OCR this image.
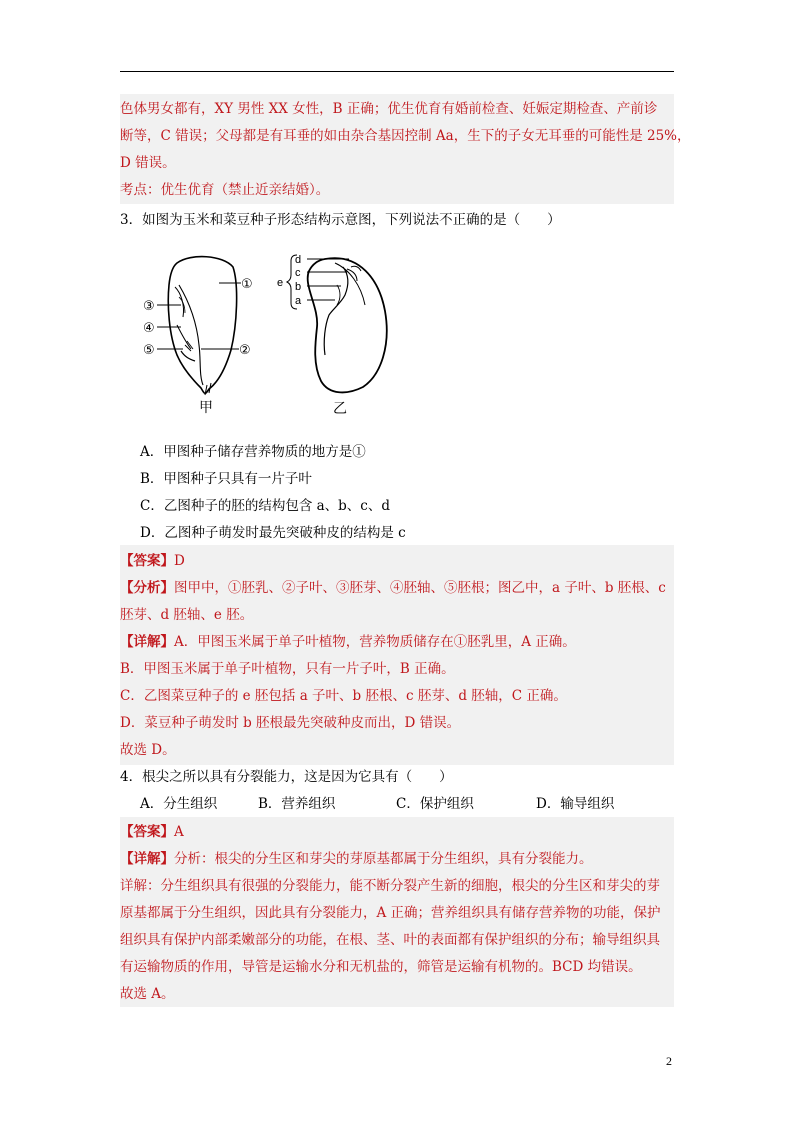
色体男女都有，XY 男性 XX 女性，B 正确；优生优育有婚前检查、妊娠定期检查、产前诊
断等，C 错误；父母都是有耳垂的如由杂合基因控制 Aa，生下的子女无耳垂的可能性是 25%，
D 错误。
考点：优生优育（禁止近亲结婚）。
3．如图为玉米和菜豆种子形态结构示意图，下列说法不正确的是（　　）
①
②
③
④
⑤
甲
d
c
b
a
e
乙
A．甲图种子储存营养物质的地方是①
B．甲图种子只具有一片子叶
C．乙图种子的胚的结构包含 a、b、c、d
D．乙图种子萌发时最先突破种皮的结构是 c
【答案】D
【分析】图甲中，①胚乳、②子叶、③胚芽、④胚轴、⑤胚根；图乙中，a 子叶、b 胚根、c
胚芽、d 胚轴、e 胚。
【详解】A．甲图玉米属于单子叶植物，营养物质储存在①胚乳里，A 正确。
B．甲图玉米属于单子叶植物，只有一片子叶，B 正确。
C．乙图菜豆种子的 e 胚包括 a 子叶、b 胚根、c 胚芽、d 胚轴，C 正确。
D．菜豆种子萌发时 b 胚根最先突破种皮而出，D 错误。
故选 D。
4．根尖之所以具有分裂能力，这是因为它具有（　　）
A．分生组织	B．营养组织	C．保护组织	D．输导组织
【答案】A
【详解】分析：根尖的分生区和芽尖的芽原基都属于分生组织，具有分裂能力。
详解：分生组织具有很强的分裂能力，能不断分裂产生新的细胞，根尖的分生区和芽尖的芽
原基都属于分生组织，因此具有分裂能力，A 正确；营养组织具有储存营养物的功能，保护
组织具有保护内部柔嫩部分的功能，在根、茎、叶的表面都有保护组织的分布；输导组织具
有运输物质的作用，导管是运输水分和无机盐的，筛管是运输有机物的。BCD 均错误。
故选 A。
2
